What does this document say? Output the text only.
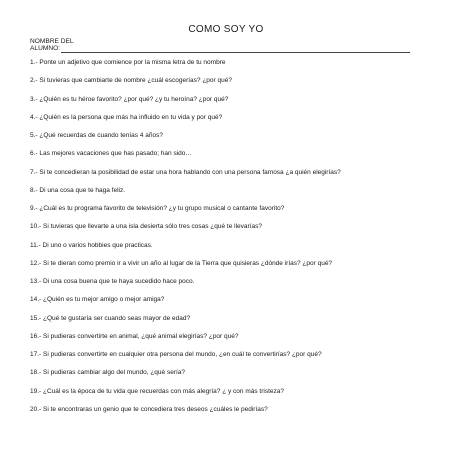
COMO SOY YO
NOMBRE DEL
ALUMNO:
1.- Ponte un adjetivo que comience por la misma letra de tu nombre
2.- Si tuvieras que cambiarte de nombre ¿cuál escogerías? ¿por qué?
3.- ¿Quién es tu héroe favorito? ¿por qué? ¿y tu heroína? ¿por qué?
4.- ¿Quién es la persona que más ha influido en tu vida y por qué?
5.- ¿Qué recuerdas de cuando tenías 4 años?
6.- Las mejores vacaciones que has pasado; han sido…
7.- Si te concedieran la posibilidad de estar una hora hablando con una persona famosa ¿a quién elegirías?
8.- Di una cosa que te haga feliz.
9.- ¿Cuál es tu programa favorito de televisión? ¿y tu grupo musical o cantante favorito?
10.- Si tuvieras que llevarte a una isla desierta sólo tres cosas ¿qué te llevarías?
11.- Di uno o varios hobbies que practicas.
12.- Si te dieran como premio ir a vivir un año al lugar de la Tierra que quisieras ¿dónde irías? ¿por qué?
13.- Di una cosa buena que te haya sucedido hace poco.
14.- ¿Quién es tu mejor amigo o mejor amiga?
15.- ¿Qué te gustaría ser cuando seas mayor de edad?
16.- Si pudieras convertirte en animal, ¿qué animal elegirías? ¿por qué?
17.- Si pudieras convertirte en cualquier otra persona del mundo, ¿en cuál te convertirías? ¿por qué?
18.- Si pudieras cambiar algo del mundo, ¿qué sería?
19.- ¿Cuál es la época de tu vida que recuerdas con más alegría? ¿ y con más tristeza?
20.- Si te encontraras un genio que te concediera tres deseos ¿cuáles le pedirías?
